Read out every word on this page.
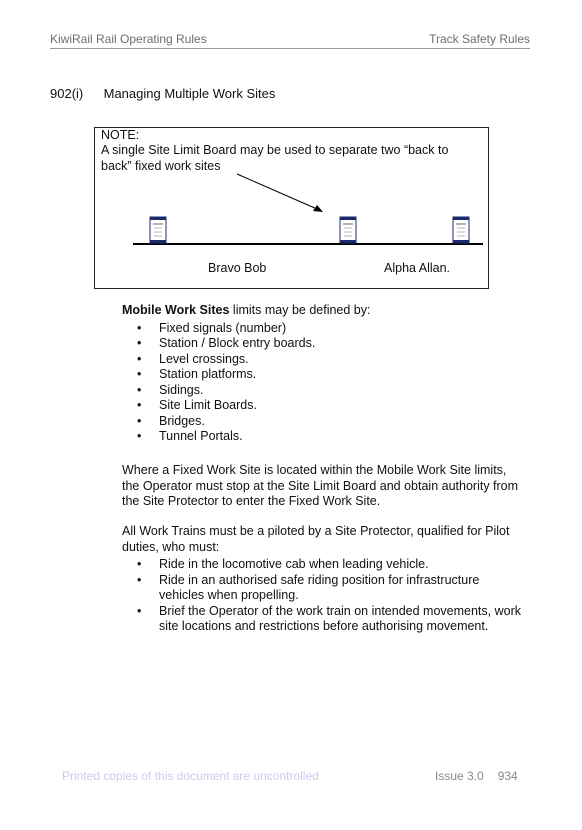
KiwiRail Rail Operating Rules	Track Safety Rules
902(i) Managing Multiple Work Sites
NOTE:
A single Site Limit Board may be used to separate two “back to back” fixed work sites
Bravo Bob	Alpha Allan.
Mobile Work Sites limits may be defined by:
• Fixed signals (number)
• Station / Block entry boards.
• Level crossings.
• Station platforms.
• Sidings.
• Site Limit Boards.
• Bridges.
• Tunnel Portals.
Where a Fixed Work Site is located within the Mobile Work Site limits, the Operator must stop at the Site Limit Board and obtain authority from the Site Protector to enter the Fixed Work Site.
All Work Trains must be a piloted by a Site Protector, qualified for Pilot duties, who must:
• Ride in the locomotive cab when leading vehicle.
• Ride in an authorised safe riding position for infrastructure vehicles when propelling.
• Brief the Operator of the work train on intended movements, work site locations and restrictions before authorising movement.
Printed copies of this document are uncontrolled	Issue 3.0 934
